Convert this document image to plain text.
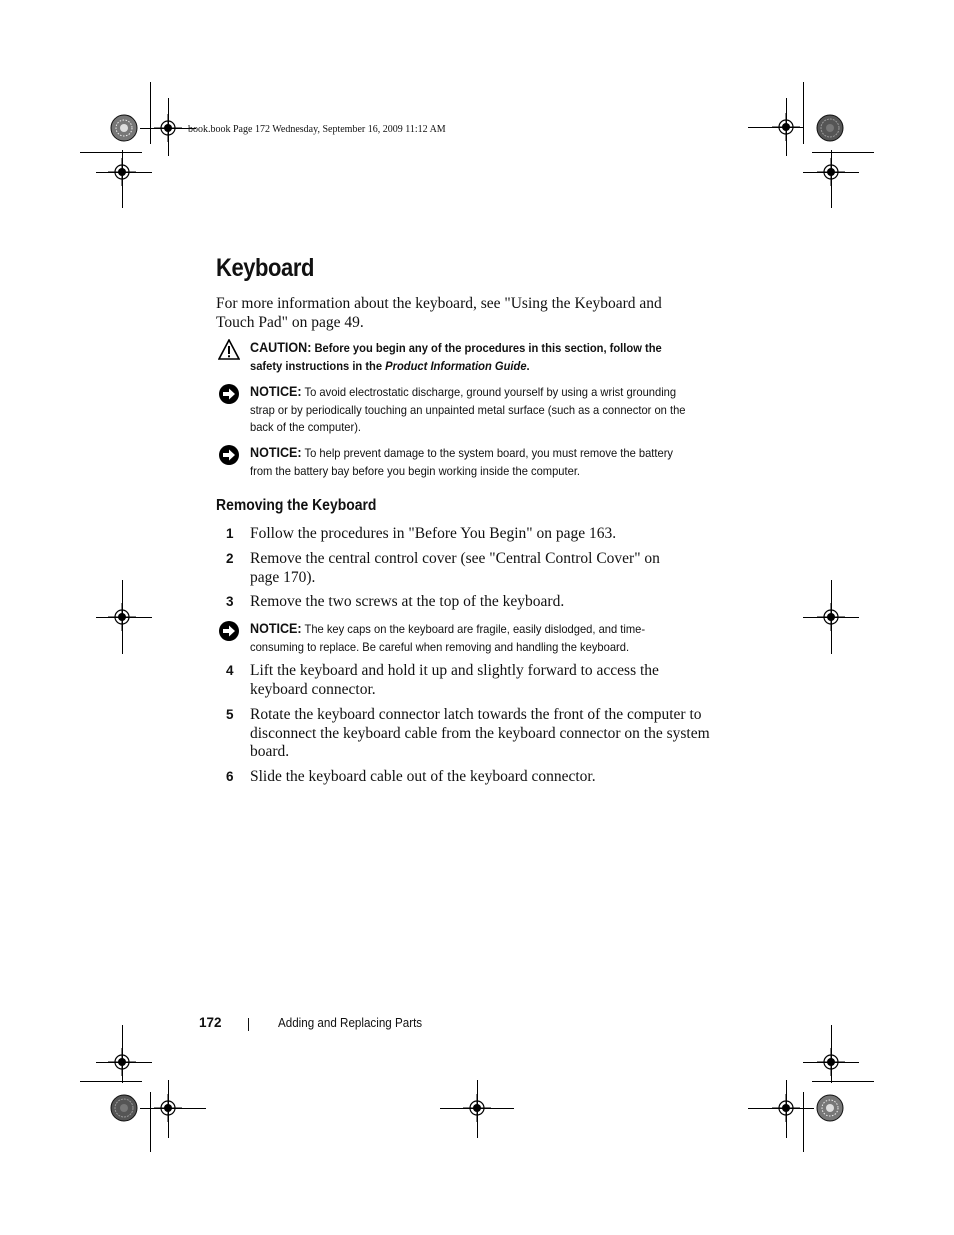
book.book Page 172 Wednesday, September 16, 2009 11:12 AM
Keyboard
For more information about the keyboard, see "Using the Keyboard and Touch Pad" on page 49.
CAUTION: Before you begin any of the procedures in this section, follow the safety instructions in the Product Information Guide.
NOTICE: To avoid electrostatic discharge, ground yourself by using a wrist grounding strap or by periodically touching an unpainted metal surface (such as a connector on the back of the computer).
NOTICE: To help prevent damage to the system board, you must remove the battery from the battery bay before you begin working inside the computer.
Removing the Keyboard
1 Follow the procedures in "Before You Begin" on page 163.
2 Remove the central control cover (see "Central Control Cover" on page 170).
3 Remove the two screws at the top of the keyboard.
NOTICE: The key caps on the keyboard are fragile, easily dislodged, and time-consuming to replace. Be careful when removing and handling the keyboard.
4 Lift the keyboard and hold it up and slightly forward to access the keyboard connector.
5 Rotate the keyboard connector latch towards the front of the computer to disconnect the keyboard cable from the keyboard connector on the system board.
6 Slide the keyboard cable out of the keyboard connector.
172	Adding and Replacing Parts
